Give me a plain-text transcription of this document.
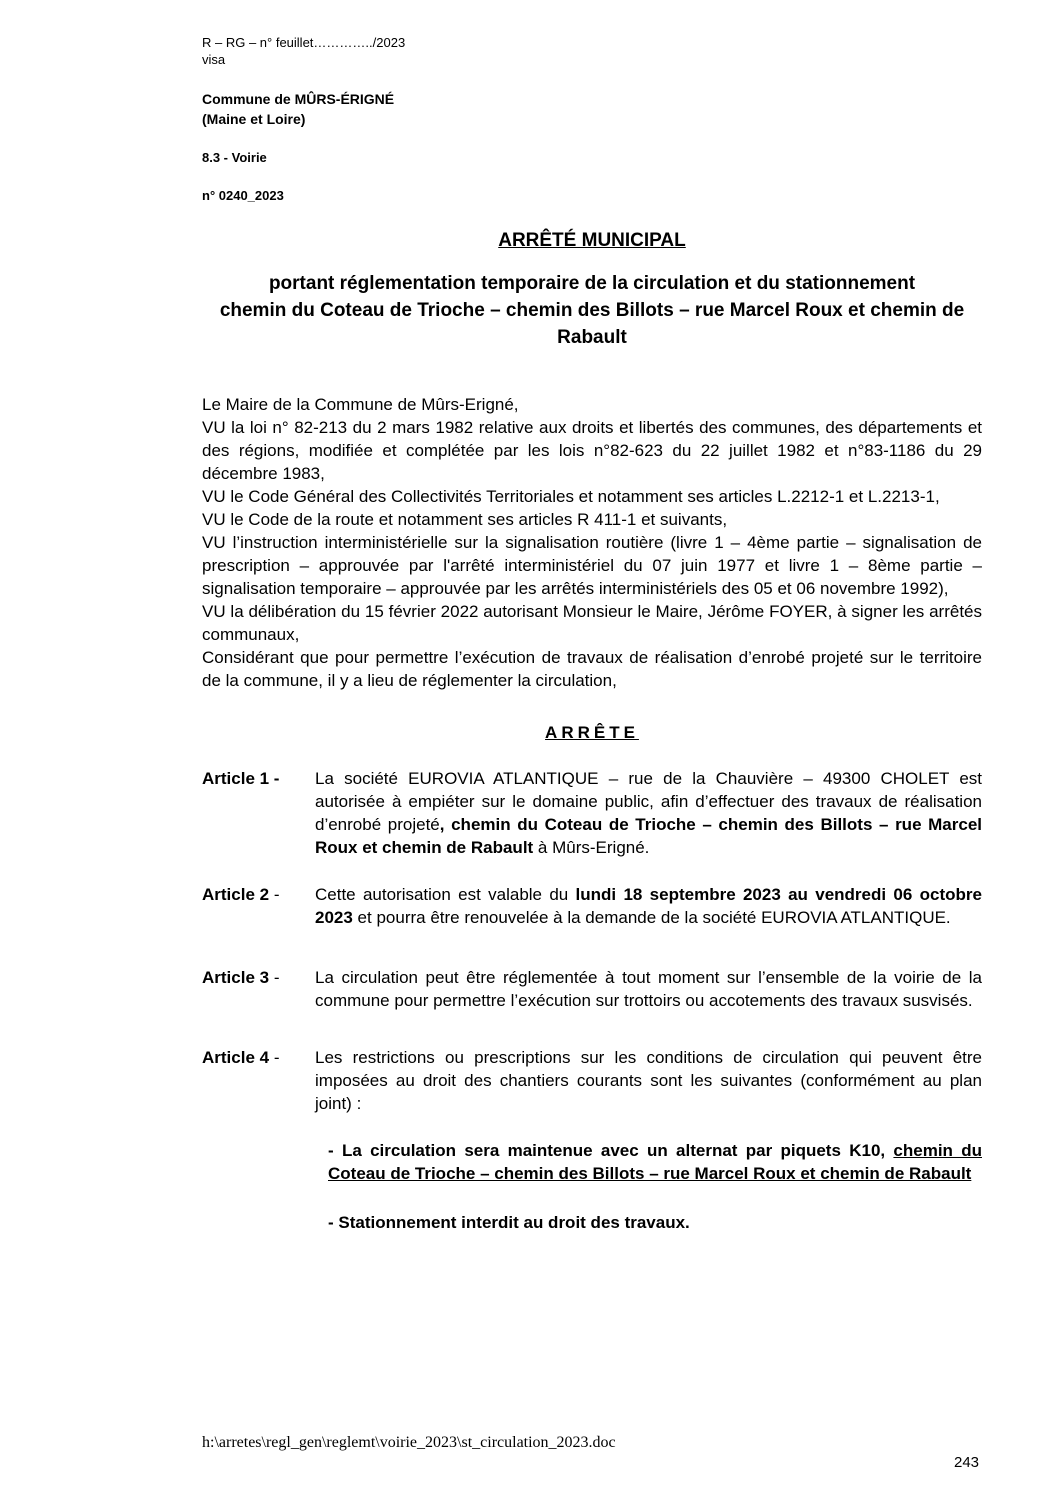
R – RG – n° feuillet…………../2023
visa
Commune de MÛRS-ÉRIGNÉ
(Maine et Loire)
8.3 - Voirie
n° 0240_2023
ARRÊTÉ MUNICIPAL
portant réglementation temporaire de la circulation et du stationnement
chemin du Coteau de Trioche – chemin des Billots – rue Marcel Roux et chemin de
Rabault
Le Maire de la Commune de Mûrs-Erigné,
VU la loi n° 82-213 du 2 mars 1982 relative aux droits et libertés des communes, des départements et des régions, modifiée et complétée par les lois n°82-623 du 22 juillet 1982 et n°83-1186 du 29 décembre 1983,
VU le Code Général des Collectivités Territoriales et notamment ses articles L.2212-1 et L.2213-1,
VU le Code de la route et notamment ses articles R 411-1 et suivants,
VU l’instruction interministérielle sur la signalisation routière (livre 1 – 4ème partie – signalisation de prescription – approuvée par l'arrêté interministériel du 07 juin 1977 et livre 1 – 8ème partie – signalisation temporaire – approuvée par les arrêtés interministériels des 05 et 06 novembre 1992),
VU la délibération du 15 février 2022 autorisant Monsieur le Maire, Jérôme FOYER, à signer les arrêtés communaux,
Considérant que pour permettre l’exécution de travaux de réalisation d’enrobé projeté sur le territoire de la commune, il y a lieu de réglementer la circulation,
ARRÊTE
Article 1 - La société EUROVIA ATLANTIQUE – rue de la Chauvière – 49300 CHOLET est autorisée à empiéter sur le domaine public, afin d’effectuer des travaux de réalisation d’enrobé projeté, chemin du Coteau de Trioche – chemin des Billots – rue Marcel Roux et chemin de Rabault à Mûrs-Erigné.
Article 2 - Cette autorisation est valable du lundi 18 septembre 2023 au vendredi 06 octobre 2023 et pourra être renouvelée à la demande de la société EUROVIA ATLANTIQUE.
Article 3 - La circulation peut être réglementée à tout moment sur l’ensemble de la voirie de la commune pour permettre l’exécution sur trottoirs ou accotements des travaux susvisés.
Article 4 - Les restrictions ou prescriptions sur les conditions de circulation qui peuvent être imposées au droit des chantiers courants sont les suivantes (conformément au plan joint) :
- La circulation sera maintenue avec un alternat par piquets K10, chemin du Coteau de Trioche – chemin des Billots – rue Marcel Roux et chemin de Rabault
- Stationnement interdit au droit des travaux.
h:\arretes\regl_gen\reglemt\voirie_2023\st_circulation_2023.doc
243
